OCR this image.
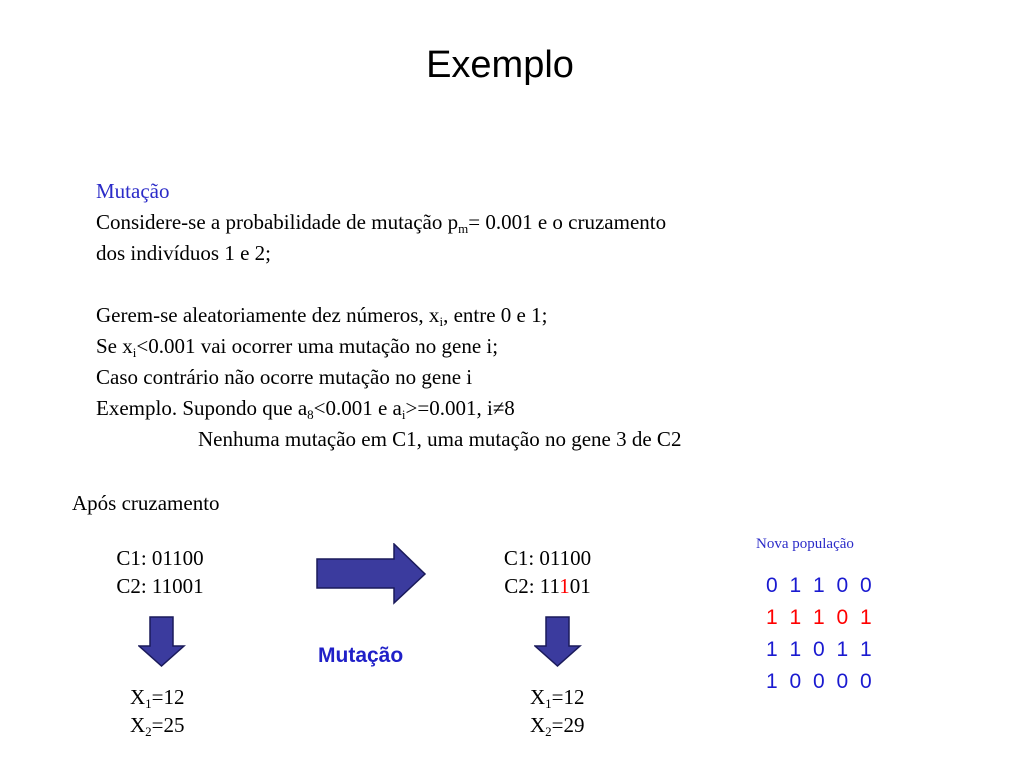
Exemplo
Mutação
Considere-se a probabilidade de mutação $p_m= 0.001$ e o cruzamento
dos indivíduos 1 e 2;
Gerem-se aleatoriamente dez números, $x_i$, entre 0 e 1;
Se $x_i<0.001$ vai ocorrer uma mutação no gene i;
Caso contrário não ocorre mutação no gene i
Exemplo. Supondo que $a_8<0.001$ e $a_i>=0.001$, i≠8
Nenhuma mutação em C1, uma mutação no gene 3 de C2
Após cruzamento
C1: 01100
C2: 11001
C1: 01100
C2: 11101
Mutação
$X_1=12$
$X_2=25$
$X_1=12$
$X_2=29$
Nova população
0 1 1 0 0
1 1 1 0 1
1 1 0 1 1
1 0 0 0 0
